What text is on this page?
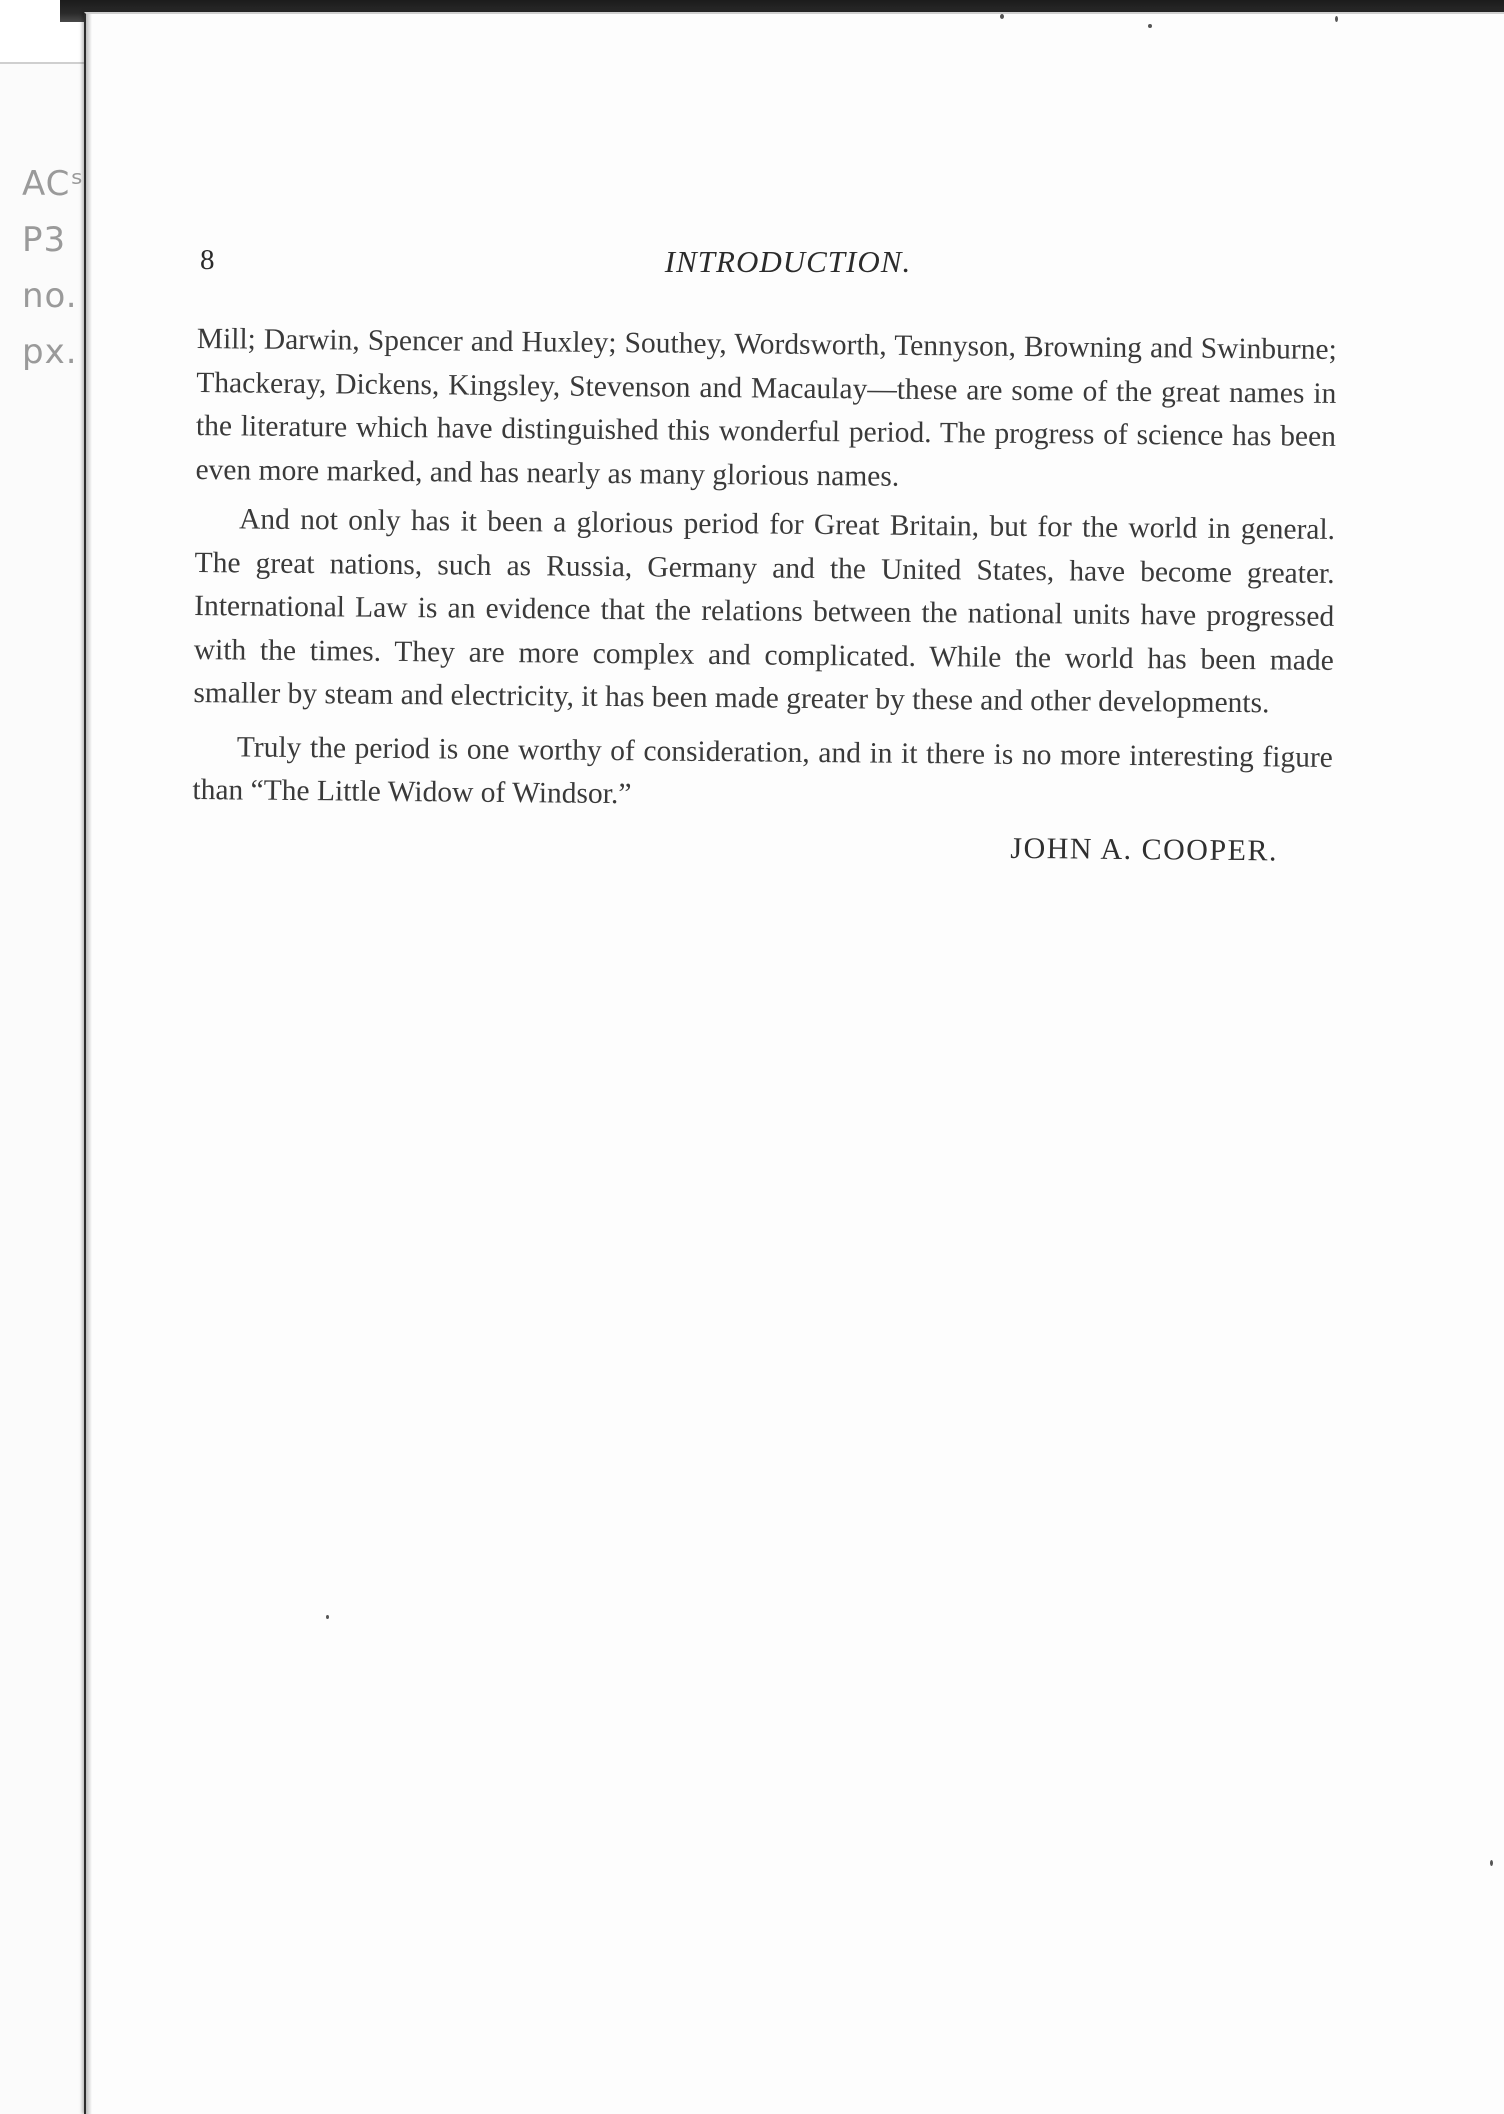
ACˢ
P3
no.
px.
8	INTRODUCTION.

Mill; Darwin, Spencer and Huxley; Southey, Wordsworth, Tennyson, Browning and Swinburne; Thackeray, Dickens, Kingsley, Stevenson and Macaulay—these are some of the great names in the literature which have distinguished this wonderful period. The progress of science has been even more marked, and has nearly as many glorious names.

And not only has it been a glorious period for Great Britain, but for the world in general. The great nations, such as Russia, Germany and the United States, have become greater. International Law is an evidence that the relations between the national units have progressed with the times. They are more complex and complicated. While the world has been made smaller by steam and electricity, it has been made greater by these and other developments.

Truly the period is one worthy of consideration, and in it there is no more interesting figure than “The Little Widow of Windsor.”

JOHN A. COOPER.
